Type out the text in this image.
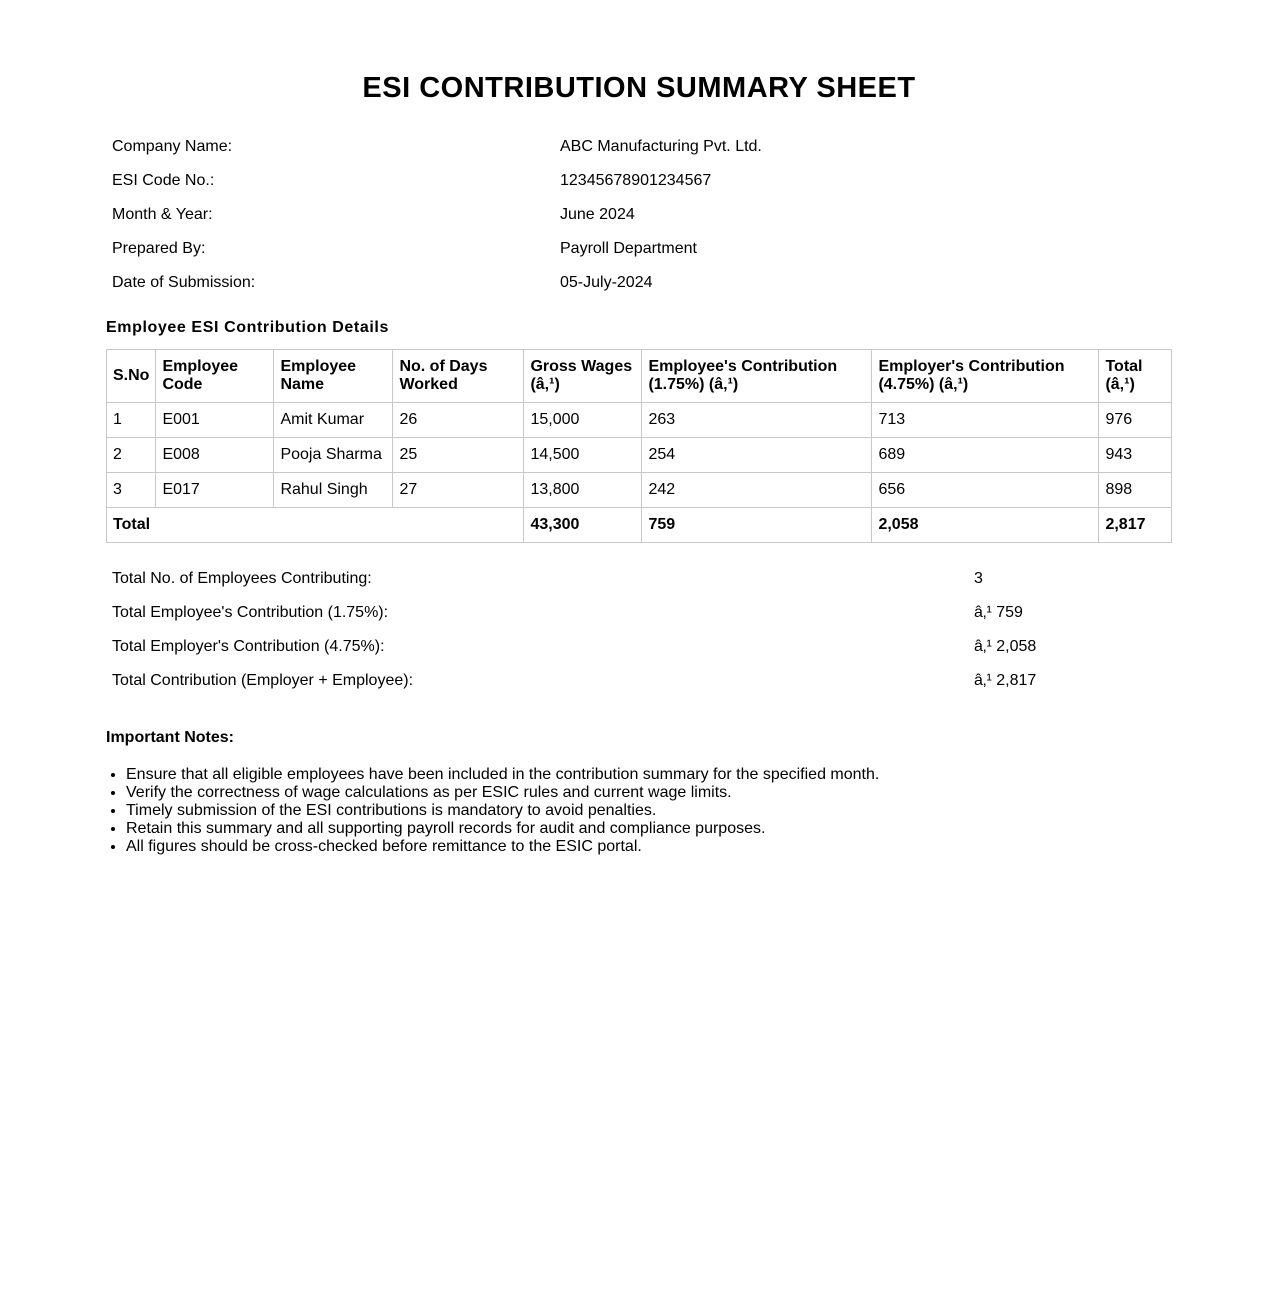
ESI CONTRIBUTION SUMMARY SHEET
Company Name:	ABC Manufacturing Pvt. Ltd.
ESI Code No.:	12345678901234567
Month & Year:	June 2024
Prepared By:	Payroll Department
Date of Submission:	05-July-2024
Employee ESI Contribution Details
S.No	Employee Code	Employee Name	No. of Days Worked	Gross Wages (â‚¹)	Employee's Contribution (1.75%) (â‚¹)	Employer's Contribution (4.75%) (â‚¹)	Total (â‚¹)
1	E001	Amit Kumar	26	15,000	263	713	976
2	E008	Pooja Sharma	25	14,500	254	689	943
3	E017	Rahul Singh	27	13,800	242	656	898
Total				43,300	759	2,058	2,817
Total No. of Employees Contributing:	3
Total Employee's Contribution (1.75%):	â‚¹ 759
Total Employer's Contribution (4.75%):	â‚¹ 2,058
Total Contribution (Employer + Employee):	â‚¹ 2,817
Important Notes:
• Ensure that all eligible employees have been included in the contribution summary for the specified month.
• Verify the correctness of wage calculations as per ESIC rules and current wage limits.
• Timely submission of the ESI contributions is mandatory to avoid penalties.
• Retain this summary and all supporting payroll records for audit and compliance purposes.
• All figures should be cross-checked before remittance to the ESIC portal.
